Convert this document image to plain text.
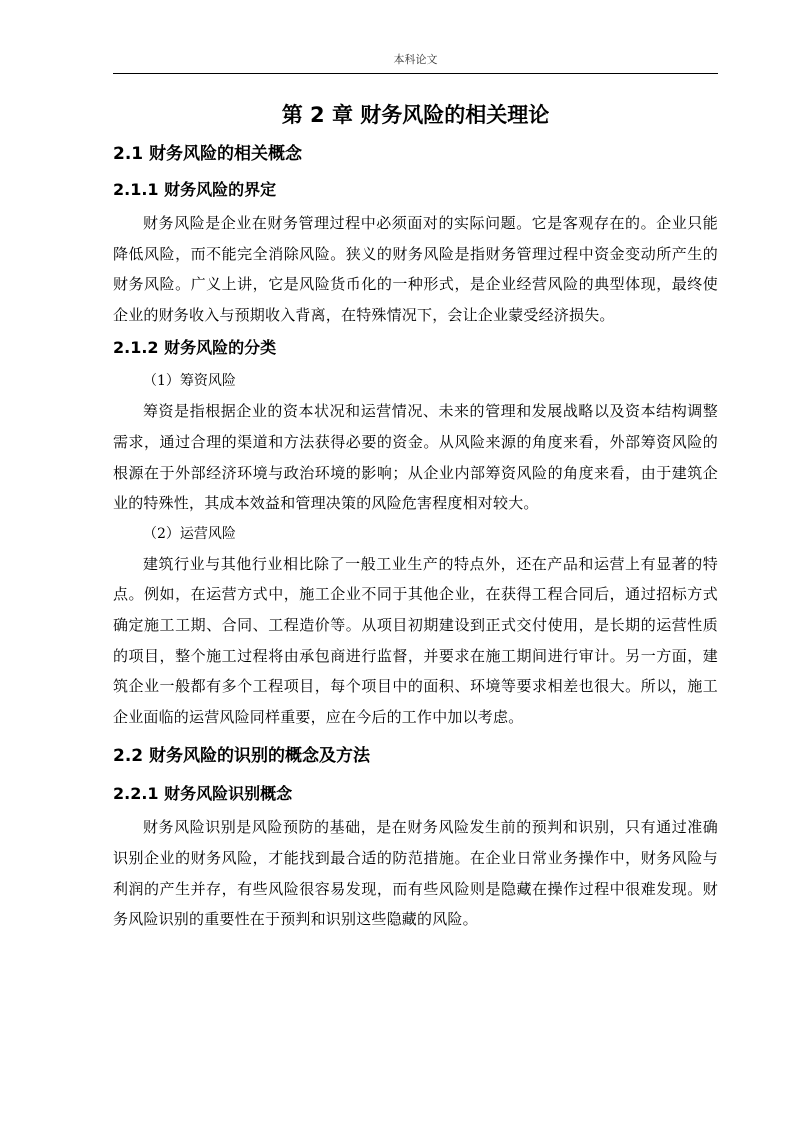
本科论文
第 2 章 财务风险的相关理论
2.1 财务风险的相关概念
2.1.1 财务风险的界定

财务风险是企业在财务管理过程中必须面对的实际问题。它是客观存在的。企业只能降低风险，而不能完全消除风险。狭义的财务风险是指财务管理过程中资金变动所产生的财务风险。广义上讲，它是风险货币化的一种形式，是企业经营风险的典型体现，最终使企业的财务收入与预期收入背离，在特殊情况下，会让企业蒙受经济损失。

2.1.2 财务风险的分类

（1）筹资风险

筹资是指根据企业的资本状况和运营情况、未来的管理和发展战略以及资本结构调整需求，通过合理的渠道和方法获得必要的资金。从风险来源的角度来看，外部筹资风险的根源在于外部经济环境与政治环境的影响；从企业内部筹资风险的角度来看，由于建筑企业的特殊性，其成本效益和管理决策的风险危害程度相对较大。

（2）运营风险

建筑行业与其他行业相比除了一般工业生产的特点外，还在产品和运营上有显著的特点。例如，在运营方式中，施工企业不同于其他企业，在获得工程合同后，通过招标方式确定施工工期、合同、工程造价等。从项目初期建设到正式交付使用，是长期的运营性质的项目，整个施工过程将由承包商进行监督，并要求在施工期间进行审计。另一方面，建筑企业一般都有多个工程项目，每个项目中的面积、环境等要求相差也很大。所以，施工企业面临的运营风险同样重要，应在今后的工作中加以考虑。

2.2 财务风险的识别的概念及方法
2.2.1 财务风险识别概念

财务风险识别是风险预防的基础，是在财务风险发生前的预判和识别，只有通过准确识别企业的财务风险，才能找到最合适的防范措施。在企业日常业务操作中，财务风险与利润的产生并存，有些风险很容易发现，而有些风险则是隐藏在操作过程中很难发现。财务风险识别的重要性在于预判和识别这些隐藏的风险。
